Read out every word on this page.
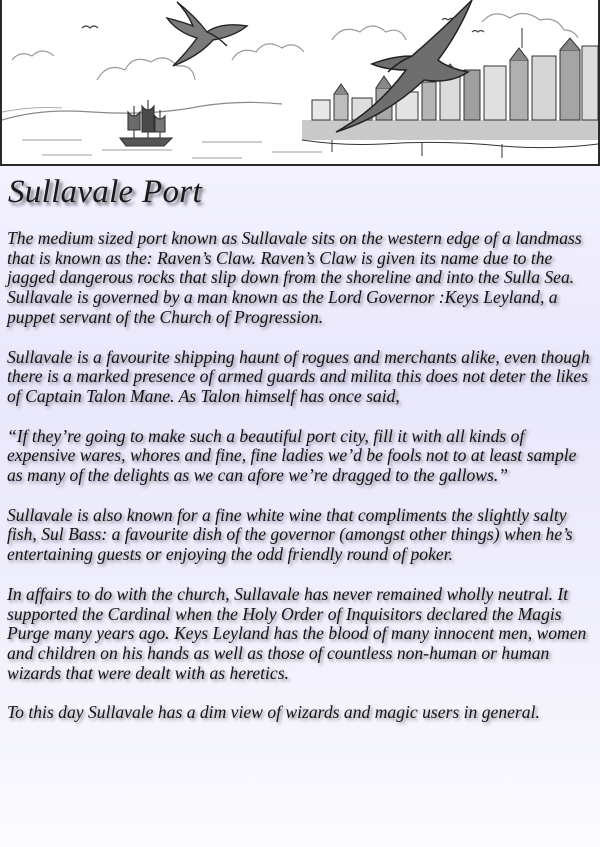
Sullavale Port

The medium sized port known as Sullavale sits on the western edge of a landmass that is known as the: Raven’s Claw. Raven’s Claw is given its name due to the jagged dangerous rocks that slip down from the shoreline and into the Sulla Sea. Sullavale is governed by a man known as the Lord Governor :Keys Leyland, a puppet servant of the Church of Progression.

Sullavale is a favourite shipping haunt of rogues and merchants alike, even though there is a marked presence of armed guards and milita this does not deter the likes of Captain Talon Mane. As Talon himself has once said,

“If they’re going to make such a beautiful port city, fill it with all kinds of expensive wares, whores and fine, fine ladies we’d be fools not to at least sample as many of the delights as we can afore we’re dragged to the gallows.”

Sullavale is also known for a fine white wine that compliments the slightly salty fish, Sul Bass: a favourite dish of the governor (amongst other things) when he’s entertaining guests or enjoying the odd friendly round of poker.

In affairs to do with the church, Sullavale has never remained wholly neutral. It supported the Cardinal when the Holy Order of Inquisitors declared the Magis Purge many years ago. Keys Leyland has the blood of many innocent men, women and children on his hands as well as those of countless non-human or human wizards that were dealt with as heretics.

To this day Sullavale has a dim view of wizards and magic users in general.
